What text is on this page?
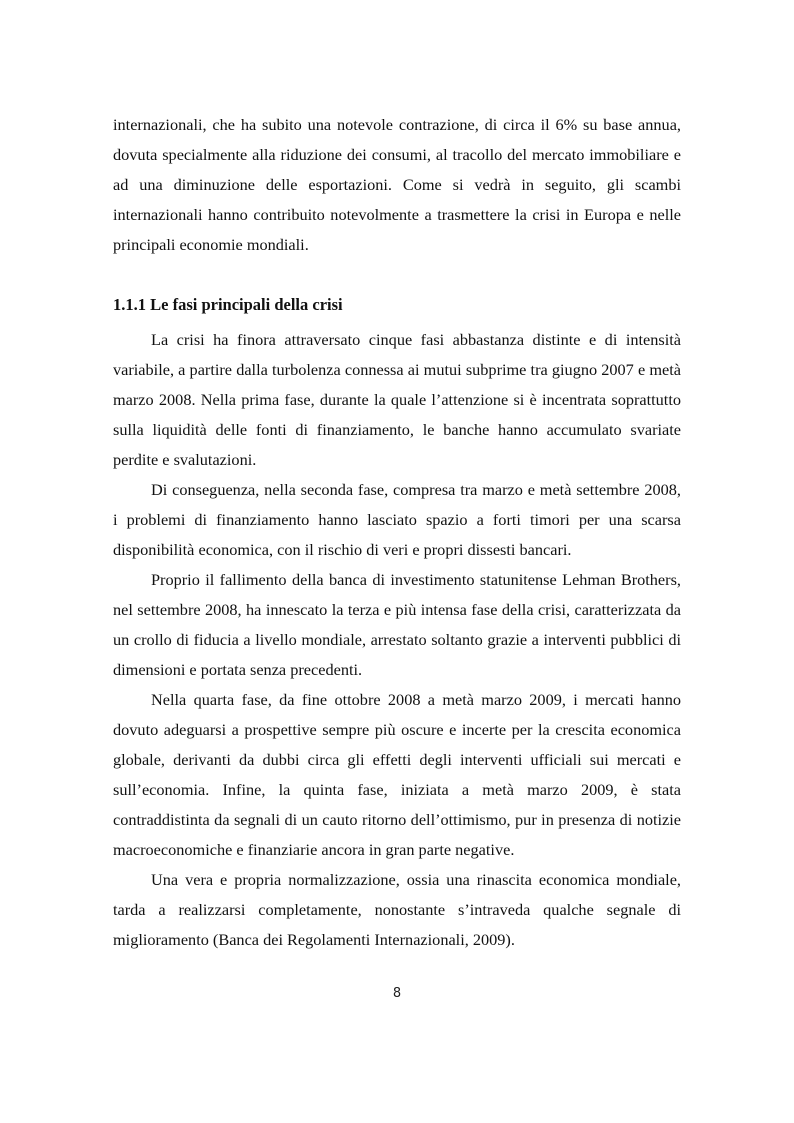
internazionali, che ha subito una notevole contrazione, di circa il 6% su base annua, dovuta specialmente alla riduzione dei consumi, al tracollo del mercato immobiliare e ad una diminuzione delle esportazioni. Come si vedrà in seguito, gli scambi internazionali hanno contribuito notevolmente a trasmettere la crisi in Europa e nelle principali economie mondiali.

1.1.1 Le fasi principali della crisi

La crisi ha finora attraversato cinque fasi abbastanza distinte e di intensità variabile, a partire dalla turbolenza connessa ai mutui subprime tra giugno 2007 e metà marzo 2008. Nella prima fase, durante la quale l’attenzione si è incentrata soprattutto sulla liquidità delle fonti di finanziamento, le banche hanno accumulato svariate perdite e svalutazioni.

Di conseguenza, nella seconda fase, compresa tra marzo e metà settembre 2008, i problemi di finanziamento hanno lasciato spazio a forti timori per una scarsa disponibilità economica, con il rischio di veri e propri dissesti bancari.

Proprio il fallimento della banca di investimento statunitense Lehman Brothers, nel settembre 2008, ha innescato la terza e più intensa fase della crisi, caratterizzata da un crollo di fiducia a livello mondiale, arrestato soltanto grazie a interventi pubblici di dimensioni e portata senza precedenti.

Nella quarta fase, da fine ottobre 2008 a metà marzo 2009, i mercati hanno dovuto adeguarsi a prospettive sempre più oscure e incerte per la crescita economica globale, derivanti da dubbi circa gli effetti degli interventi ufficiali sui mercati e sull’economia. Infine, la quinta fase, iniziata a metà marzo 2009, è stata contraddistinta da segnali di un cauto ritorno dell’ottimismo, pur in presenza di notizie macroeconomiche e finanziarie ancora in gran parte negative.

Una vera e propria normalizzazione, ossia una rinascita economica mondiale, tarda a realizzarsi completamente, nonostante s’intraveda qualche segnale di miglioramento (Banca dei Regolamenti Internazionali, 2009).

8
